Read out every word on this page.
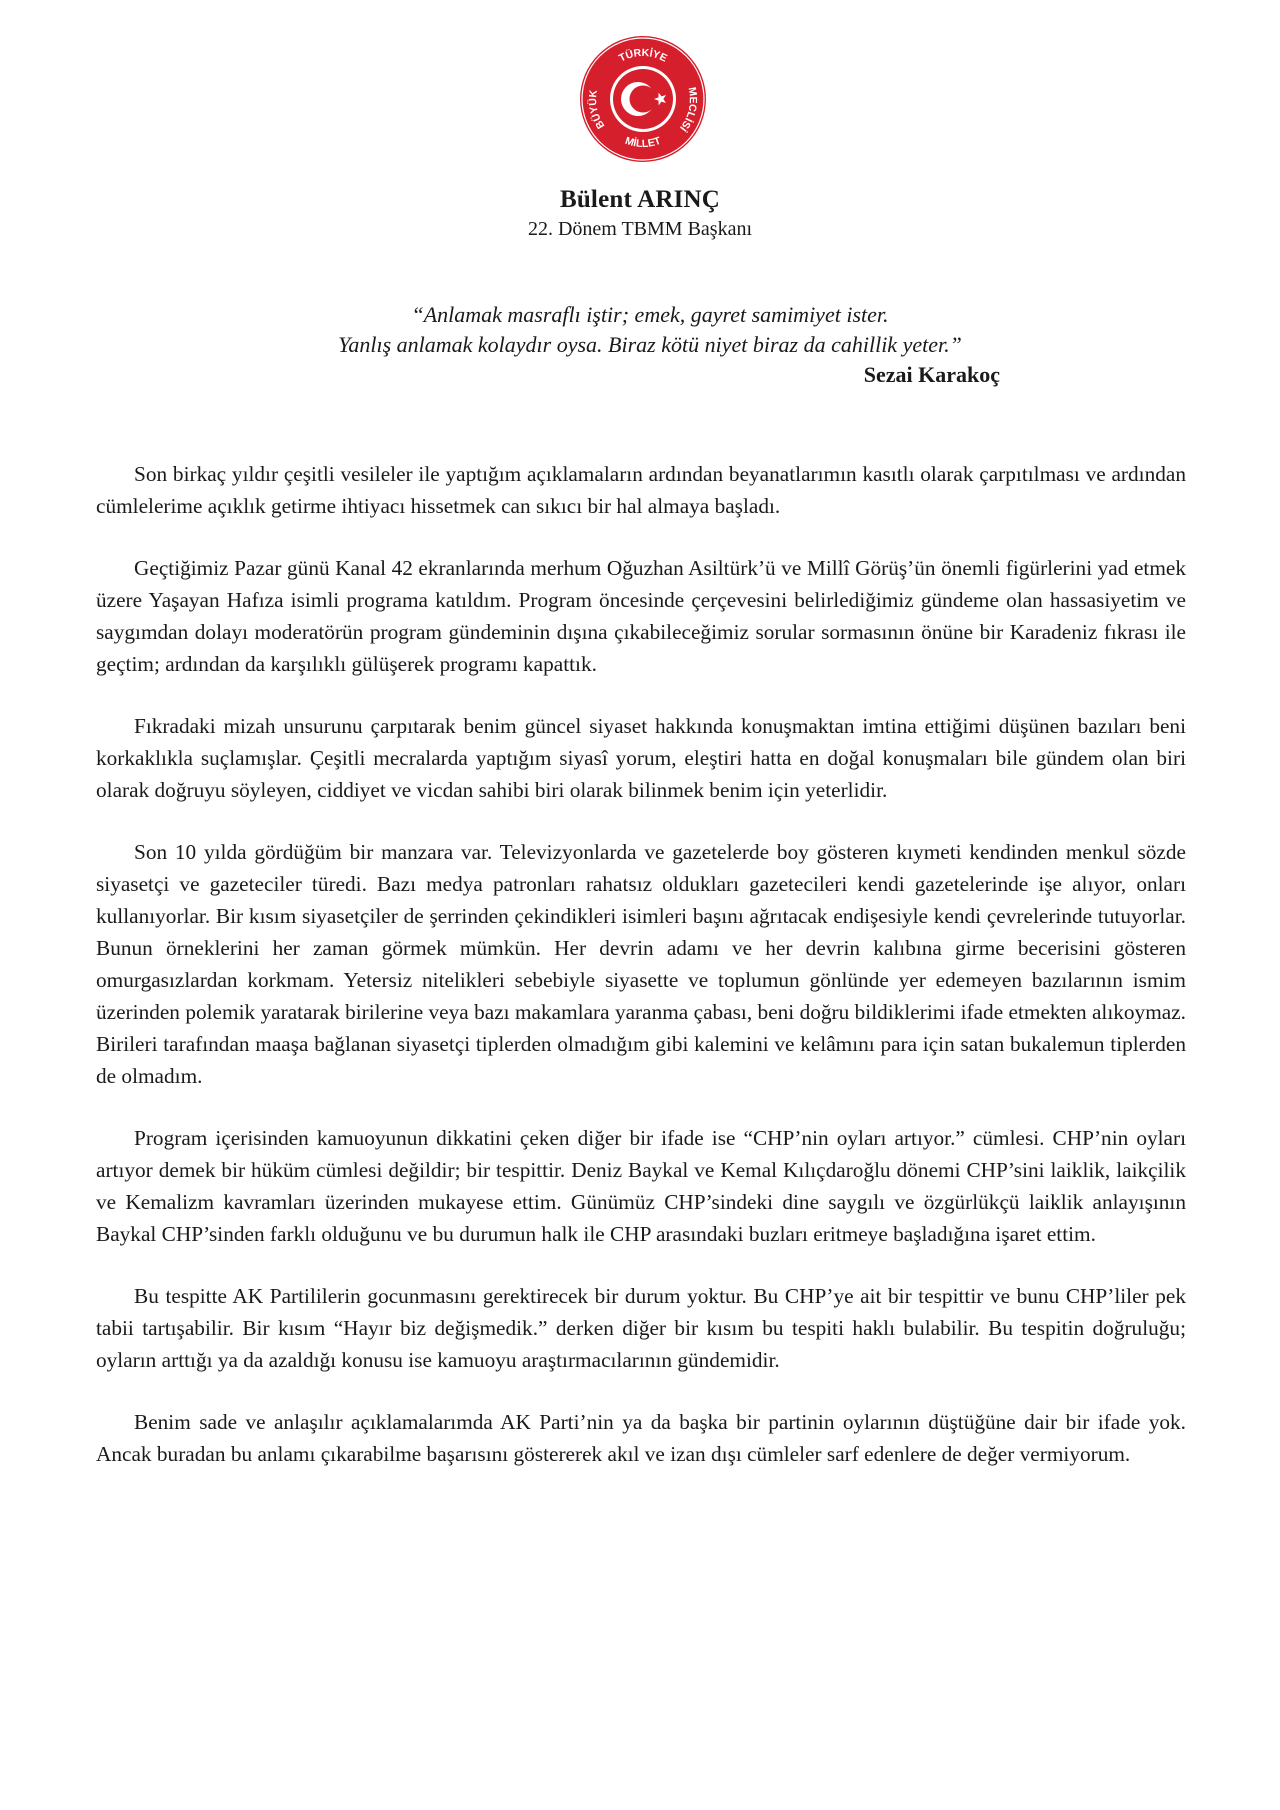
TÜRKİYE
MİLLET
BÜYÜK	MECLİSİ
Bülent ARINÇ
22. Dönem TBMM Başkanı
“Anlamak masraflı iştir; emek, gayret samimiyet ister.
Yanlış anlamak kolaydır oysa. Biraz kötü niyet biraz da cahillik yeter.”
Sezai Karakoç

Son birkaç yıldır çeşitli vesileler ile yaptığım açıklamaların ardından beyanatlarımın kasıtlı olarak çarpıtılması ve ardından cümlelerime açıklık getirme ihtiyacı hissetmek can sıkıcı bir hal almaya başladı.

Geçtiğimiz Pazar günü Kanal 42 ekranlarında merhum Oğuzhan Asiltürk’ü ve Millî Görüş’ün önemli figürlerini yad etmek üzere Yaşayan Hafıza isimli programa katıldım. Program öncesinde çerçevesini belirlediğimiz gündeme olan hassasiyetim ve saygımdan dolayı moderatörün program gündeminin dışına çıkabileceğimiz sorular sormasının önüne bir Karadeniz fıkrası ile geçtim; ardından da karşılıklı gülüşerek programı kapattık.

Fıkradaki mizah unsurunu çarpıtarak benim güncel siyaset hakkında konuşmaktan imtina ettiğimi düşünen bazıları beni korkaklıkla suçlamışlar. Çeşitli mecralarda yaptığım siyasî yorum, eleştiri hatta en doğal konuşmaları bile gündem olan biri olarak doğruyu söyleyen, ciddiyet ve vicdan sahibi biri olarak bilinmek benim için yeterlidir.

Son 10 yılda gördüğüm bir manzara var. Televizyonlarda ve gazetelerde boy gösteren kıymeti kendinden menkul sözde siyasetçi ve gazeteciler türedi. Bazı medya patronları rahatsız oldukları gazetecileri kendi gazetelerinde işe alıyor, onları kullanıyorlar. Bir kısım siyasetçiler de şerrinden çekindikleri isimleri başını ağrıtacak endişesiyle kendi çevrelerinde tutuyorlar. Bunun örneklerini her zaman görmek mümkün. Her devrin adamı ve her devrin kalıbına girme becerisini gösteren omurgasızlardan korkmam. Yetersiz nitelikleri sebebiyle siyasette ve toplumun gönlünde yer edemeyen bazılarının ismim üzerinden polemik yaratarak birilerine veya bazı makamlara yaranma çabası, beni doğru bildiklerimi ifade etmekten alıkoymaz. Birileri tarafından maaşa bağlanan siyasetçi tiplerden olmadığım gibi kalemini ve kelâmını para için satan bukalemun tiplerden de olmadım.

Program içerisinden kamuoyunun dikkatini çeken diğer bir ifade ise “CHP’nin oyları artıyor.” cümlesi. CHP’nin oyları artıyor demek bir hüküm cümlesi değildir; bir tespittir. Deniz Baykal ve Kemal Kılıçdaroğlu dönemi CHP’sini laiklik, laikçilik ve Kemalizm kavramları üzerinden mukayese ettim. Günümüz CHP’sindeki dine saygılı ve özgürlükçü laiklik anlayışının Baykal CHP’sinden farklı olduğunu ve bu durumun halk ile CHP arasındaki buzları eritmeye başladığına işaret ettim.

Bu tespitte AK Partililerin gocunmasını gerektirecek bir durum yoktur. Bu CHP’ye ait bir tespittir ve bunu CHP’liler pek tabii tartışabilir. Bir kısım “Hayır biz değişmedik.” derken diğer bir kısım bu tespiti haklı bulabilir. Bu tespitin doğruluğu; oyların arttığı ya da azaldığı konusu ise kamuoyu araştırmacılarının gündemidir.

Benim sade ve anlaşılır açıklamalarımda AK Parti’nin ya da başka bir partinin oylarının düştüğüne dair bir ifade yok. Ancak buradan bu anlamı çıkarabilme başarısını göstererek akıl ve izan dışı cümleler sarf edenlere de değer vermiyorum.
